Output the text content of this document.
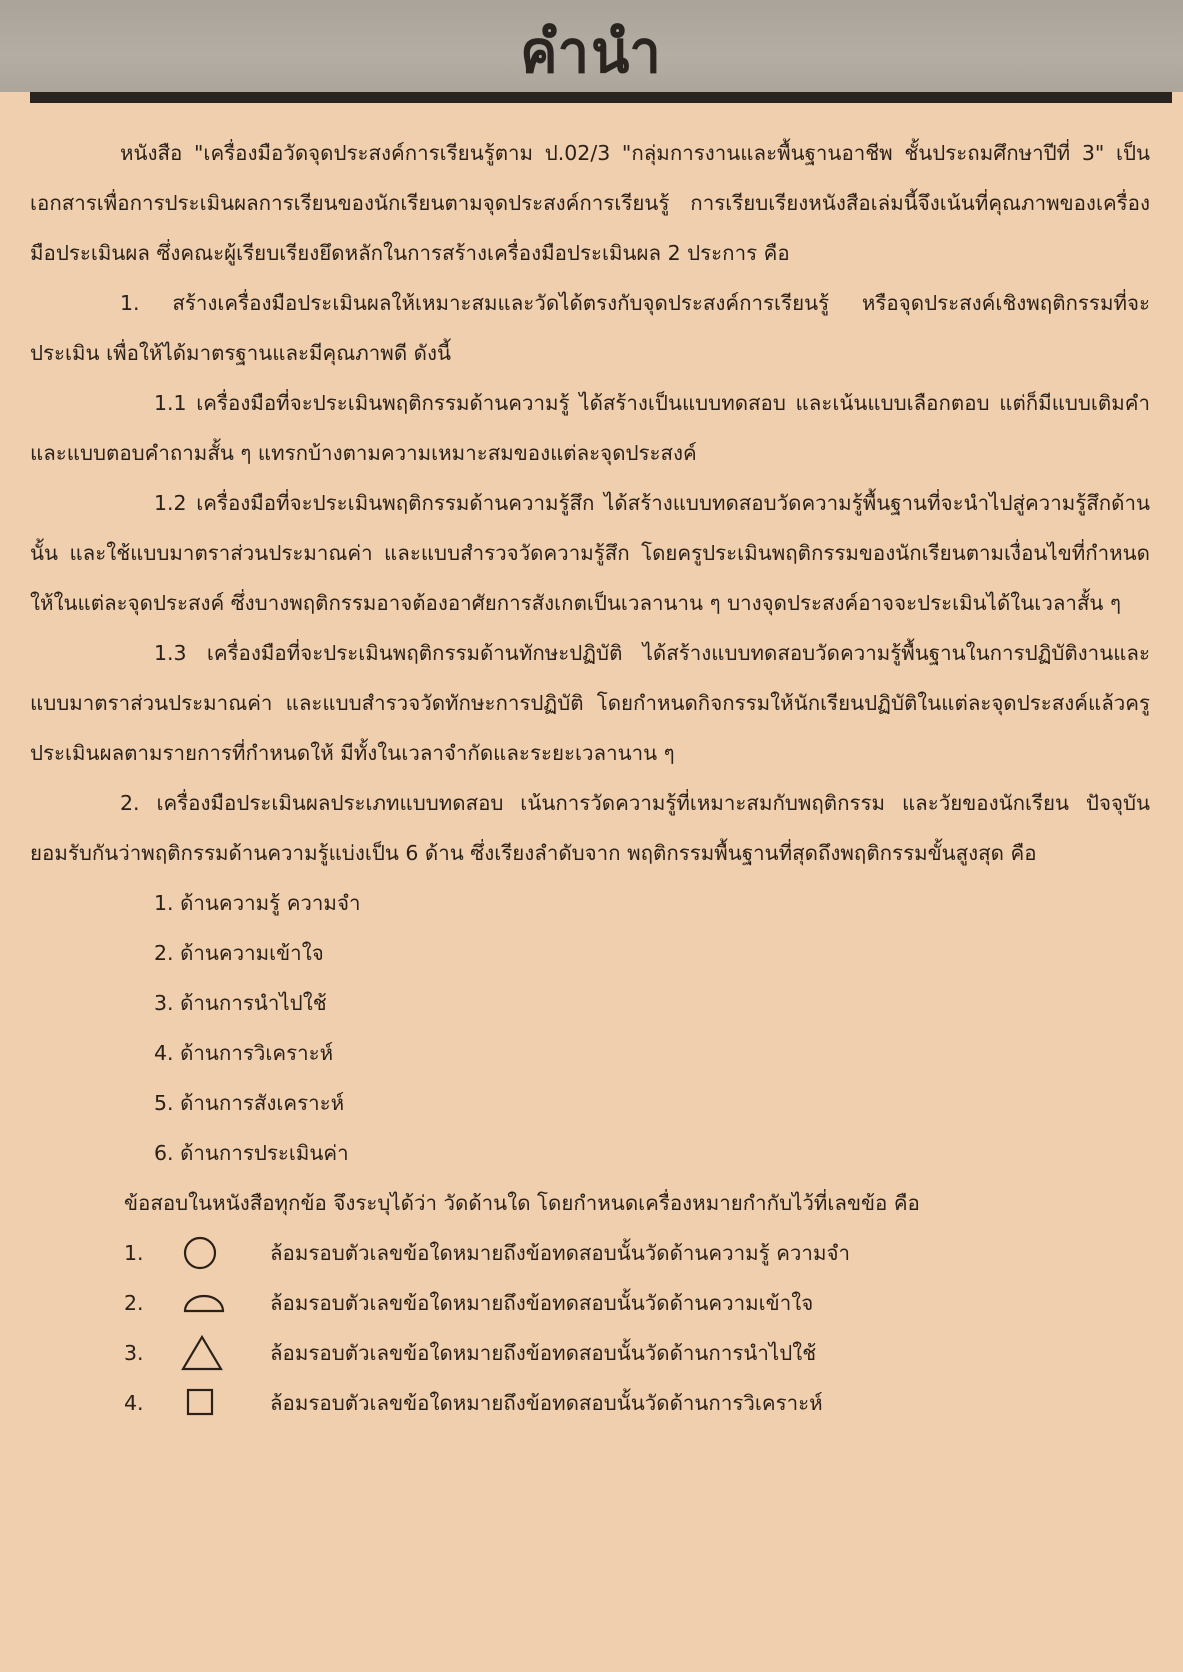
คำนำ

หนังสือ "เครื่องมือวัดจุดประสงค์การเรียนรู้ตาม ป.02/3 "กลุ่มการงานและพื้นฐานอาชีพ ชั้นประถมศึกษาปีที่ 3" เป็นเอกสารเพื่อการประเมินผลการเรียนของนักเรียนตามจุดประสงค์การเรียนรู้ การเรียบเรียงหนังสือเล่มนี้จึงเน้นที่คุณภาพของเครื่องมือประเมินผล ซึ่งคณะผู้เรียบเรียงยึดหลักในการสร้างเครื่องมือประเมินผล 2 ประการ คือ

1. สร้างเครื่องมือประเมินผลให้เหมาะสมและวัดได้ตรงกับจุดประสงค์การเรียนรู้ หรือจุดประสงค์เชิงพฤติกรรมที่จะประเมิน เพื่อให้ได้มาตรฐานและมีคุณภาพดี ดังนี้

1.1 เครื่องมือที่จะประเมินพฤติกรรมด้านความรู้ ได้สร้างเป็นแบบทดสอบ และเน้นแบบเลือกตอบ แต่ก็มีแบบเติมคำและแบบตอบคำถามสั้น ๆ แทรกบ้างตามความเหมาะสมของแต่ละจุดประสงค์

1.2 เครื่องมือที่จะประเมินพฤติกรรมด้านความรู้สึก ได้สร้างแบบทดสอบวัดความรู้พื้นฐานที่จะนำไปสู่ความรู้สึกด้านนั้น และใช้แบบมาตราส่วนประมาณค่า และแบบสำรวจวัดความรู้สึก โดยครูประเมินพฤติกรรมของนักเรียนตามเงื่อนไขที่กำหนดให้ในแต่ละจุดประสงค์ ซึ่งบางพฤติกรรมอาจต้องอาศัยการสังเกตเป็นเวลานาน ๆ บางจุดประสงค์อาจจะประเมินได้ในเวลาสั้น ๆ

1.3 เครื่องมือที่จะประเมินพฤติกรรมด้านทักษะปฏิบัติ ได้สร้างแบบทดสอบวัดความรู้พื้นฐานในการปฏิบัติงานและแบบมาตราส่วนประมาณค่า และแบบสำรวจวัดทักษะการปฏิบัติ โดยกำหนดกิจกรรมให้นักเรียนปฏิบัติในแต่ละจุดประสงค์แล้วครูประเมินผลตามรายการที่กำหนดให้ มีทั้งในเวลาจำกัดและระยะเวลานาน ๆ

2. เครื่องมือประเมินผลประเภทแบบทดสอบ เน้นการวัดความรู้ที่เหมาะสมกับพฤติกรรม และวัยของนักเรียน ปัจจุบันยอมรับกันว่าพฤติกรรมด้านความรู้แบ่งเป็น 6 ด้าน ซึ่งเรียงลำดับจาก พฤติกรรมพื้นฐานที่สุดถึงพฤติกรรมขั้นสูงสุด คือ

1. ด้านความรู้ ความจำ

2. ด้านความเข้าใจ

3. ด้านการนำไปใช้

4. ด้านการวิเคราะห์

5. ด้านการสังเคราะห์

6. ด้านการประเมินค่า

ข้อสอบในหนังสือทุกข้อ จึงระบุได้ว่า วัดด้านใด โดยกำหนดเครื่องหมายกำกับไว้ที่เลขข้อ คือ

1.	ล้อมรอบตัวเลขข้อใดหมายถึงข้อทดสอบนั้นวัดด้านความรู้ ความจำ
2.	ล้อมรอบตัวเลขข้อใดหมายถึงข้อทดสอบนั้นวัดด้านความเข้าใจ
3.	ล้อมรอบตัวเลขข้อใดหมายถึงข้อทดสอบนั้นวัดด้านการนำไปใช้
4.	ล้อมรอบตัวเลขข้อใดหมายถึงข้อทดสอบนั้นวัดด้านการวิเคราะห์
